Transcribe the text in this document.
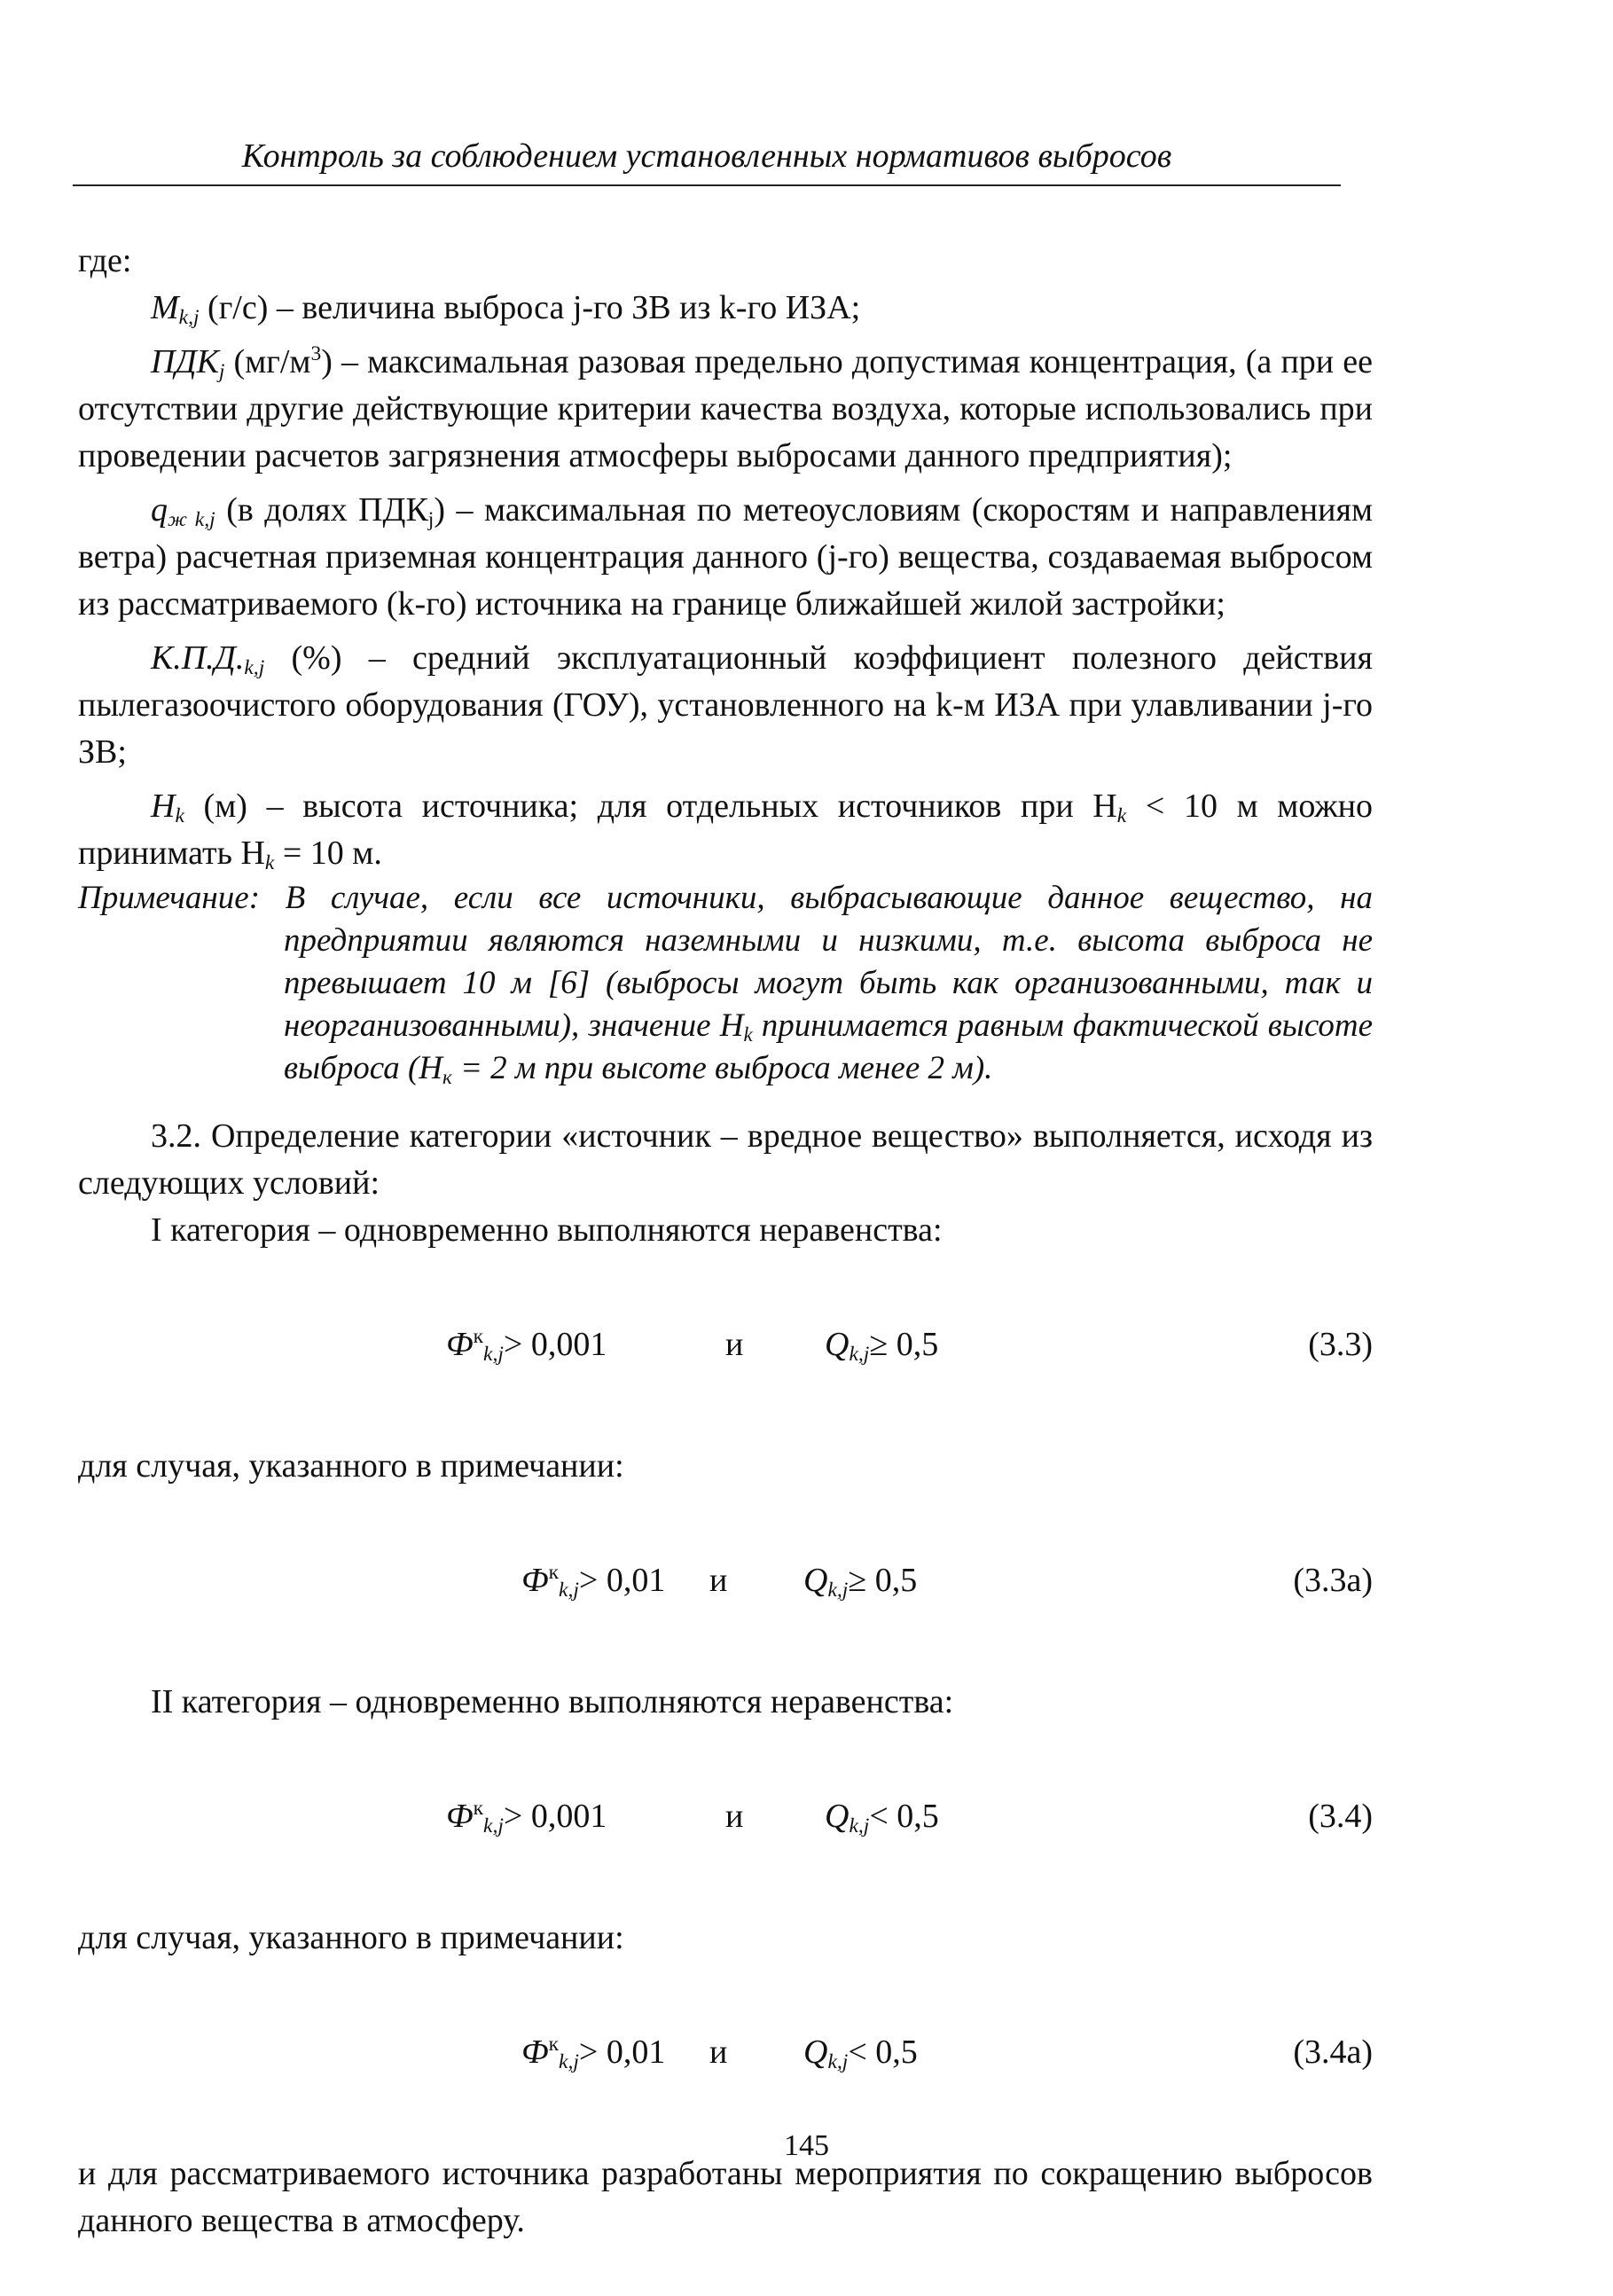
Контроль за соблюдением установленных нормативов выбросов

где:

$M_{k,j}$ (г/с) – величина выброса j-го ЗВ из k-го ИЗА;

$ПДК_j$ $(мг/м^3)$ – максимальная разовая предельно допустимая концентрация, (а при ее отсутствии другие действующие критерии качества воздуха, которые использовались при проведении расчетов загрязнения атмосферы выбросами данного предприятия);

$q_{ж k,j}$ (в долях $ПДК_j$) – максимальная по метеоусловиям (скоростям и направлениям ветра) расчетная приземная концентрация данного (j-го) вещества, создаваемая выбросом из рассматриваемого (k-го) источника на границе ближайшей жилой застройки;

$К.П.Д._{k,j}$ (%) – средний эксплуатационный коэффициент полезного действия пылегазоочистого оборудования (ГОУ), установленного на k-м ИЗА при улавливании j-го ЗВ;

$H_k$ (м) – высота источника; для отдельных источников при $H_k < 10$ м можно принимать $H_k = 10$ м.

Примечание: В случае, если все источники, выбрасывающие данное вещество, на предприятии являются наземными и низкими, т.е. высота выброса не превышает 10 м [6] (выбросы могут быть как организованными, так и неорганизованными), значение $H_k$ принимается равным фактической высоте выброса ($H_к = 2$ м при высоте выброса менее 2 м).

3.2. Определение категории «источник – вредное вещество» выполняется, исходя из следующих условий:

I категория – одновременно выполняются неравенства:

$Ф^к_{k,j} > 0,001$	и $Q_{k,j} \ge 0,5$	(3.3)

для случая, указанного в примечании:

$Ф^к_{k,j} > 0,01$ и $Q_{k,j} \ge 0,5$	(3.3а)

II категория – одновременно выполняются неравенства:

$Ф^к_{k,j} > 0,001$	и $Q_{k,j} < 0,5$	(3.4)

для случая, указанного в примечании:

$Ф^к_{k,j} > 0,01$ и $Q_{k,j} < 0,5$	(3.4а)

и для рассматриваемого источника разработаны мероприятия по сокращению выбросов данного вещества в атмосферу.

145
